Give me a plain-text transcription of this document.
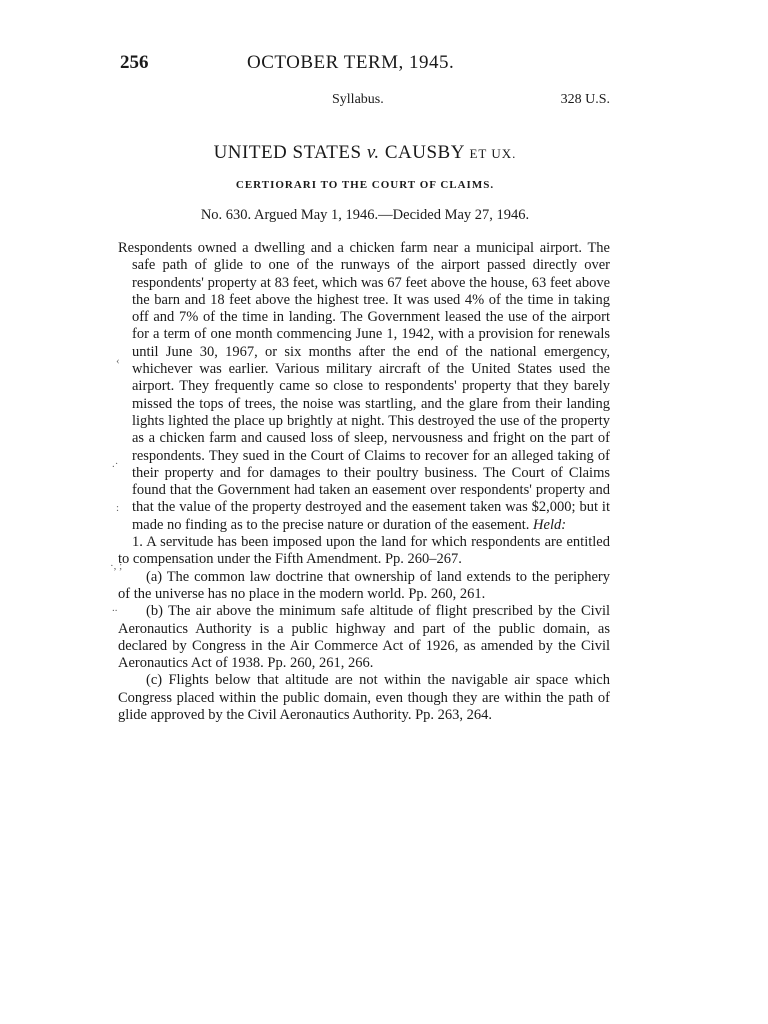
256	OCTOBER TERM, 1945.
Syllabus.	328 U.S.
UNITED STATES v. CAUSBY ET UX.
CERTIORARI TO THE COURT OF CLAIMS.
No. 630. Argued May 1, 1946.—Decided May 27, 1946.

Respondents owned a dwelling and a chicken farm near a municipal airport. The safe path of glide to one of the runways of the airport passed directly over respondents' property at 83 feet, which was 67 feet above the house, 63 feet above the barn and 18 feet above the highest tree. It was used 4% of the time in taking off and 7% of the time in landing. The Government leased the use of the airport for a term of one month commencing June 1, 1942, with a provision for renewals until June 30, 1967, or six months after the end of the national emergency, whichever was earlier. Various military aircraft of the United States used the airport. They frequently came so close to respondents' property that they barely missed the tops of trees, the noise was startling, and the glare from their landing lights lighted the place up brightly at night. This destroyed the use of the property as a chicken farm and caused loss of sleep, nervousness and fright on the part of respondents. They sued in the Court of Claims to recover for an alleged taking of their property and for damages to their poultry business. The Court of Claims found that the Government had taken an easement over respondents' property and that the value of the property destroyed and the easement taken was $2,000; but it made no finding as to the precise nature or duration of the easement. Held:

1. A servitude has been imposed upon the land for which respondents are entitled to compensation under the Fifth Amendment. Pp. 260–267.

(a) The common law doctrine that ownership of land extends to the periphery of the universe has no place in the modern world. Pp. 260, 261.

(b) The air above the minimum safe altitude of flight prescribed by the Civil Aeronautics Authority is a public highway and part of the public domain, as declared by Congress in the Air Commerce Act of 1926, as amended by the Civil Aeronautics Act of 1938. Pp. 260, 261, 266.

(c) Flights below that altitude are not within the navigable air space which Congress placed within the public domain, even though they are within the path of glide approved by the Civil Aeronautics Authority. Pp. 263, 264.

‹
.·
:
·, ;
..
